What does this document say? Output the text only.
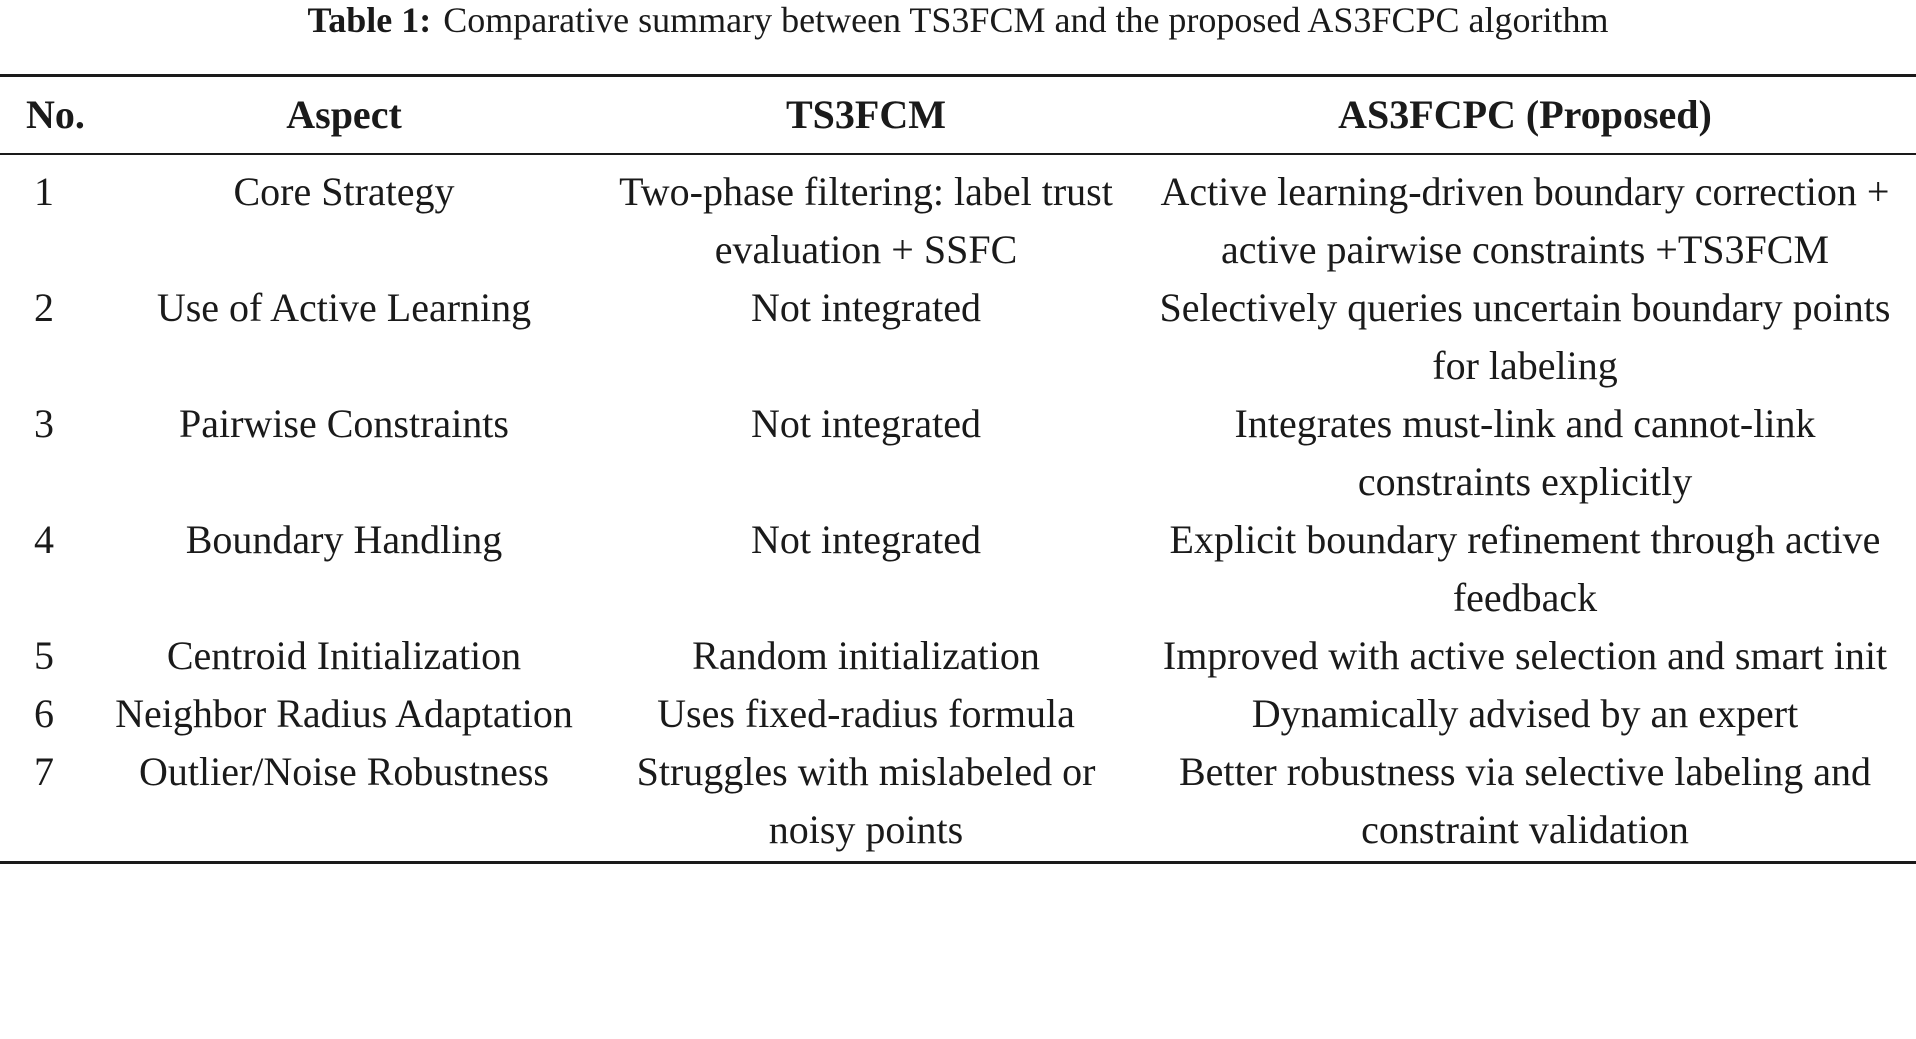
Table 1: Comparative summary between TS3FCM and the proposed AS3FCPC algorithm
No.	Aspect	TS3FCM	AS3FCPC (Proposed)
1	Core Strategy	Two-phase filtering: label trust evaluation + SSFC	Active learning-driven boundary correction + active pairwise constraints +TS3FCM
2	Use of Active Learning	Not integrated	Selectively queries uncertain boundary points for labeling
3	Pairwise Constraints	Not integrated	Integrates must-link and cannot-link constraints explicitly
4	Boundary Handling	Not integrated	Explicit boundary refinement through active feedback
5	Centroid Initialization	Random initialization	Improved with active selection and smart init
6	Neighbor Radius Adaptation	Uses fixed-radius formula	Dynamically advised by an expert
7	Outlier/Noise Robustness	Struggles with mislabeled or noisy points	Better robustness via selective labeling and constraint validation
